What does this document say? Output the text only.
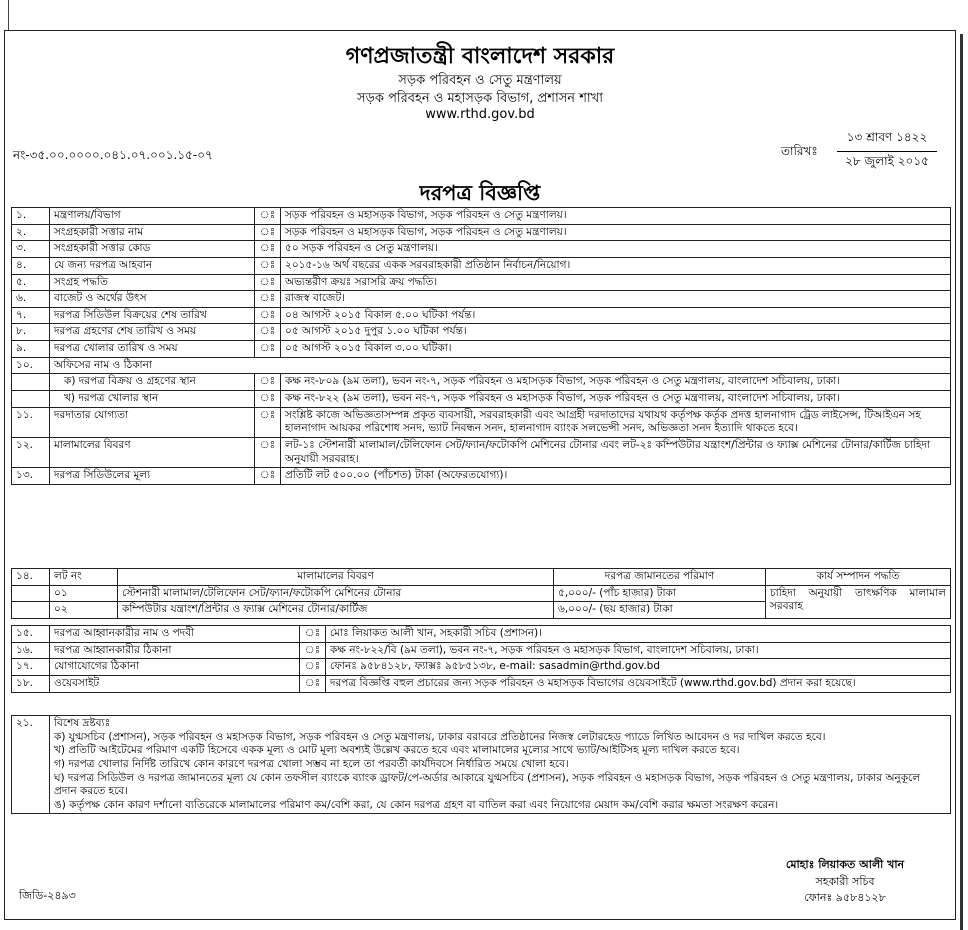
গণপ্রজাতন্ত্রী বাংলাদেশ সরকার
সড়ক পরিবহন ও সেতু মন্ত্রণালয়
সড়ক পরিবহন ও মহাসড়ক বিভাগ, প্রশাসন শাখা
www.rthd.gov.bd
নং-৩৫.০০.০০০০.০৪১.০৭.০০১.১৫-০৭	তারিখঃ
১৩ শ্রাবণ ১৪২২
২৮ জুলাই ২০১৫
দরপত্র বিজ্ঞপ্তি
১.	মন্ত্রণালয়/বিভাগ	ঃ	সড়ক পরিবহন ও মহাসড়ক বিভাগ, সড়ক পরিবহন ও সেতু মন্ত্রণালয়।
২.	সংগ্রহকারী সত্তার নাম	ঃ	সড়ক পরিবহন ও মহাসড়ক বিভাগ, সড়ক পরিবহন ও সেতু মন্ত্রণালয়।
৩.	সংগ্রহকারী সত্তার কোড	ঃ	৫০ সড়ক পরিবহন ও সেতু মন্ত্রণালয়।
৪.	যে জন্য দরপত্র আহবান	ঃ	২০১৫-১৬ অর্থ বছরের একক সরবরাহকারী প্রতিষ্ঠান নির্বাচন/নিয়োগ।
৫.	সংগ্রহ পদ্ধতি	ঃ	অভ্যন্তরীণ ক্রয়ঃ সরাসরি ক্রয় পদ্ধতি।
৬.	বাজেট ও অর্থের উৎস	ঃ	রাজস্ব বাজেট।
৭.	দরপত্র সিডিউল বিক্রয়ের শেষ তারিখ	ঃ	০৪ আগস্ট ২০১৫ বিকাল ৫.০০ ঘটিকা পর্যন্ত।
৮.	দরপত্র গ্রহণের শেষ তারিখ ও সময়	ঃ	০৫ আগস্ট ২০১৫ দুপুর ১.০০ ঘটিকা পর্যন্ত।
৯.	দরপত্র খোলার তারিখ ও সময়	ঃ	০৫ আগস্ট ২০১৫ বিকাল ৩.০০ ঘটিকা।
১০.	অফিসের নাম ও ঠিকানা		
	ক) দরপত্র বিক্রয় ও গ্রহণের স্থান	ঃ	কক্ষ নং-৮০৯ (৯ম তলা), ভবন নং-৭, সড়ক পরিবহন ও মহাসড়ক বিভাগ, সড়ক পরিবহন ও সেতু মন্ত্রণালয়, বাংলাদেশ সচিবালয়, ঢাকা।
	খ) দরপত্র খোলার স্থান	ঃ	কক্ষ নং-৮২২ (৯ম তলা), ভবন নং-৭, সড়ক পরিবহন ও মহাসড়ক বিভাগ, সড়ক পরিবহন ও সেতু মন্ত্রণালয়, বাংলাদেশ সচিবালয়, ঢাকা।
১১.	দরদাতার যোগ্যতা	ঃ	সংশ্লিষ্ট কাজে অভিজ্ঞতাসম্পন্ন প্রকৃত ব্যবসায়ী, সরবরাহকারী এবং আগ্রহী দরদাতাদের যথাযথ কর্তৃপক্ষ কর্তৃক প্রদত্ত হালনাগাদ ট্রেড লাইসেন্স, টিআইএন সহ হালনাগাদ আয়কর পরিশোধ সনদ, ভ্যাট নিবন্ধন সনদ, হালনাগাদ ব্যাংক সলভেন্সী সনদ, অভিজ্ঞতা সনদ ইত্যাদি থাকতে হবে।
১২.	মালামালের বিবরণ	ঃ	লট-১ঃ স্টেশনারী মালামাল/টেলিফোন সেট/ফ্যান/ফটোকপি মেশিনের টোনার এবং লট-২ঃ কম্পিউটার যন্ত্রাংশ/প্রিন্টার ও ফ্যাক্স মেশিনের টোনার/কার্টিজ চাহিদা অনুযায়ী সরবরাহ।
১৩.	দরপত্র সিডিউলের মূল্য	ঃ	প্রতিটি লট ৫০০.০০ (পাঁচশত) টাকা (অফেরতযোগ্য)।
১৪.	লট নং	মালামালের বিবরণ	দরপত্র জামানতের পরিমাণ	কার্য সম্পাদন পদ্ধতি
	০১	স্টেশনারী মালামাল/টেলিফোন সেট/ফ্যান/ফটোকপি মেশিনের টোনার	৫,০০০/- (পাঁচ হাজার) টাকা	চাহিদা অনুযায়ী তাৎক্ষণিক মালামাল সরবরাহ
	০২	কম্পিউটার যন্ত্রাংশ/প্রিন্টার ও ফ্যাক্স মেশিনের টোনার/কার্টিজ	৬,০০০/- (ছয় হাজার) টাকা	
১৫.	দরপত্র আহ্বানকারীর নাম ও পদবী	ঃ	মোঃ লিয়াকত আলী খান, সহকারী সচিব (প্রশাসন)।
১৬.	দরপত্র আহ্বানকারীর ঠিকানা	ঃ	কক্ষ নং-৮২২/বি (৯ম তলা), ভবন নং-৭, সড়ক পরিবহন ও মহাসড়ক বিভাগ, বাংলাদেশ সচিবালয়, ঢাকা।
১৭.	যোগাযোগের ঠিকানা	ঃ	ফোনঃ ৯৫৮৪১২৮, ফ্যাক্সঃ ৯৫৮৫১৩৮, e-mail: sasadmin@rthd.gov.bd
১৮.	ওয়েবসাইট	ঃ	দরপত্র বিজ্ঞপ্তি বহুল প্রচারের জন্য সড়ক পরিবহন ও মহাসড়ক বিভাগের ওয়েবসাইটে (www.rthd.gov.bd) প্রদান করা হয়েছে।
২১.	বিশেষ দ্রষ্টব্যঃ
ক) যুগ্মসচিব (প্রশাসন), সড়ক পরিবহন ও মহাসড়ক বিভাগ, সড়ক পরিবহন ও সেতু মন্ত্রণালয়, ঢাকার বরাবরে প্রতিষ্ঠানের নিজস্ব লেটারহেড প্যাডে লিখিত আবেদন ও দর দাখিল করতে হবে।
খ) প্রতিটি আইটেমের পরিমাণ একটি হিসেবে একক মূল্য ও মোট মূল্য অবশ্যই উল্লেখ করতে হবে এবং মালামালের মূল্যের সাথে ভ্যাট/আইটিসহ মূল্য দাখিল করতে হবে।
গ) দরপত্র খোলার নির্দিষ্ট তারিখে কোন কারণে দরপত্র খোলা সম্ভব না হলে তা পরবর্তী কার্যদিবসে নির্ধারিত সময়ে খোলা হবে।
ঘ) দরপত্র সিডিউল ও দরপত্র জামানতের মূল্য যে কোন তফসীল ব্যাংকে ব্যাংক ড্রাফট/পে-অর্ডার আকারে যুগ্মসচিব (প্রশাসন), সড়ক পরিবহন ও মহাসড়ক বিভাগ, সড়ক পরিবহন ও সেতু মন্ত্রণালয়, ঢাকার অনুকূলে প্রদান করতে হবে।
ঙ) কর্তৃপক্ষ কোন কারণ দর্শানো ব্যতিরেকে মালামালের পরিমাণ কম/বেশি করা, যে কোন দরপত্র গ্রহণ বা বাতিল করা এবং নিয়োগের মেয়াদ কম/বেশি করার ক্ষমতা সংরক্ষণ করেন।
মোহাঃ লিয়াকত আলী খান
সহকারী সচিব
ফোনঃ ৯৫৮৪১২৮
জিডি-২৪৯৩
